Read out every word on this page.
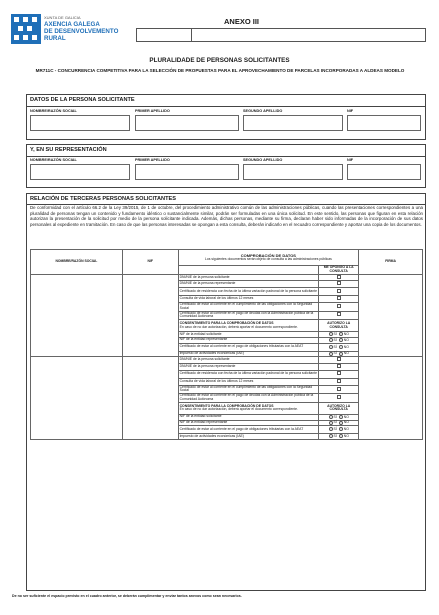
XUNTA DE GALICIA
AXENCIA GALEGA
DE DESENVOLVEMENTO
RURAL
ANEXO III
PLURALIDADE DE PERSONAS SOLICITANTES
MR711C - CONCURRENCIA COMPETITIVA PARA LA SELECCIÓN DE PROPUESTAS PARA EL APROVECHAMIENTO DE PARCELAS INCORPORADAS A ALDEAS MODELO
DATOS DE LA PERSONA SOLICITANTE
NOMBRE/RAZÓN SOCIAL	PRIMER APELLIDO	SEGUNDO APELLIDO	NIF
Y, EN SU REPRESENTACIÓN
NOMBRE/RAZÓN SOCIAL	PRIMER APELLIDO	SEGUNDO APELLIDO	NIF
RELACIÓN DE TERCERAS PERSONAS SOLICITANTES
De conformidad con el artículo 66.2 de la Ley 39/2015, de 1 de octubre, del procedimiento administrativo común de las administraciones públicas, cuando las presentaciones correspondientes a una pluralidad de personas tengan un contenido y fundamento idéntico o sustancialmente similar, podrán ser formuladas en una única solicitud. En este sentido, las personas que figuran en esta relación autorizan la presentación de la solicitud por medio de la persona solicitante indicada. Además, dichas personas, mediante su firma, declaran haber sido informadas de la incorporación de sus datos personales al expediente en tramitación. En caso de que las personas interesadas se opongan a esta consulta, deberán indicarlo en el recuadro correspondiente y aportar una copia de los documentos.
NOMBRE/RAZÓN SOCIAL	NIF	COMPROBACIÓN DE DATOS
Los siguientes documentos serán objeto de consulta a las administraciones públicas		FIRMA
			ME OPONGO A LA CONSULTA	
		DNI/NIE de la persona solicitante		
		DNI/NIE de la persona representante		
		Certificado de residencia con fecha de la última variación padronal de la persona solicitante		
		Consulta de vida laboral de los últimos 12 meses		
		Certificado de estar al corriente en el cumplimiento de las obligaciones con la Seguridad Social		
		Certificado de estar al corriente en el pago de deudas con la Administración pública de la Comunidad Autónoma		

		CONSENTIMIENTO PARA LA COMPROBACIÓN DE DATOS
En caso de no dar autorización, deberá aportar el documento correspondiente.	AUTORIZO LA CONSULTA	
		NIF de la entidad solicitante	SÍ NO	
		NIF de la entidad representante	SÍ NO	
		Certificado de estar al corriente en el pago de obligaciones tributarias con la AEAT	SÍ NO	
		Impuesto de actividades económicas (IAE)	SÍ NO	
		DNI/NIE de la persona solicitante		
		DNI/NIE de la persona representante		
		Certificado de residencia con fecha de la última variación padronal de la persona solicitante		
		Consulta de vida laboral de los últimos 12 meses		
		Certificado de estar al corriente en el cumplimiento de las obligaciones con la Seguridad Social		
		Certificado de estar al corriente en el pago de deudas con la Administración pública de la Comunidad Autónoma		

		CONSENTIMIENTO PARA LA COMPROBACIÓN DE DATOS
En caso de no dar autorización, deberá aportar el documento correspondiente.	AUTORIZO LA CONSULTA	
		NIF de la entidad solicitante	SÍ NO	
		NIF de la entidad representante	SÍ NO	
		Certificado de estar al corriente en el pago de obligaciones tributarias con la AEAT	SÍ NO	
		Impuesto de actividades económicas (IAE)	SÍ NO	
De no ser suficiente el espacio previsto en el cuadro anterior, se deberán cumplimentar y enviar tantos anexos como sean necesarios.
